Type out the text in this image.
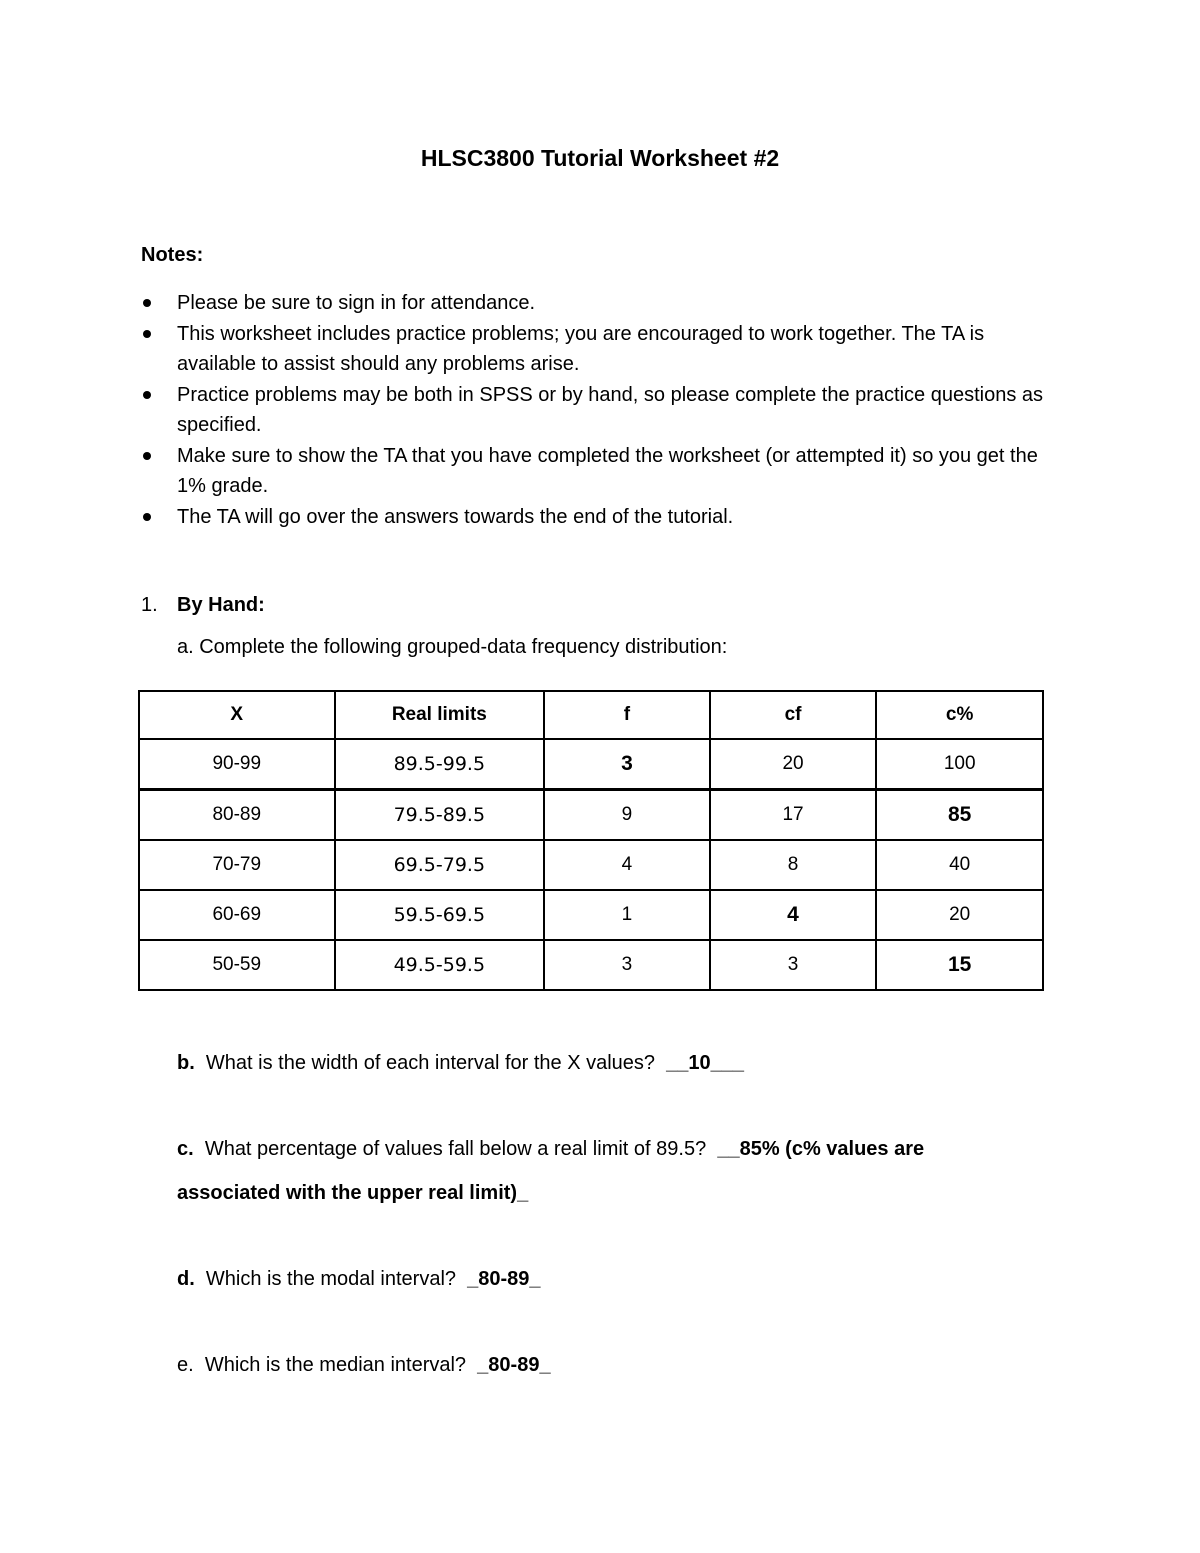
HLSC3800 Tutorial Worksheet #2
Notes:
Please be sure to sign in for attendance.
This worksheet includes practice problems; you are encouraged to work together. The TA is available to assist should any problems arise.
Practice problems may be both in SPSS or by hand, so please complete the practice questions as specified.
Make sure to show the TA that you have completed the worksheet (or attempted it) so you get the 1% grade.
The TA will go over the answers towards the end of the tutorial.
1. By Hand:
a. Complete the following grouped-data frequency distribution:
X	Real limits	f	cf	c%
90-99	89.5-99.5	3	20	100
80-89	79.5-89.5	9	17	85
70-79	69.5-79.5	4	8	40
60-69	59.5-69.5	1	4	20
50-59	49.5-59.5	3	3	15
b. What is the width of each interval for the X values? __10___
c. What percentage of values fall below a real limit of 89.5? __85% (c% values are
associated with the upper real limit)_
d. Which is the modal interval? _80-89_
e. Which is the median interval? _80-89_
